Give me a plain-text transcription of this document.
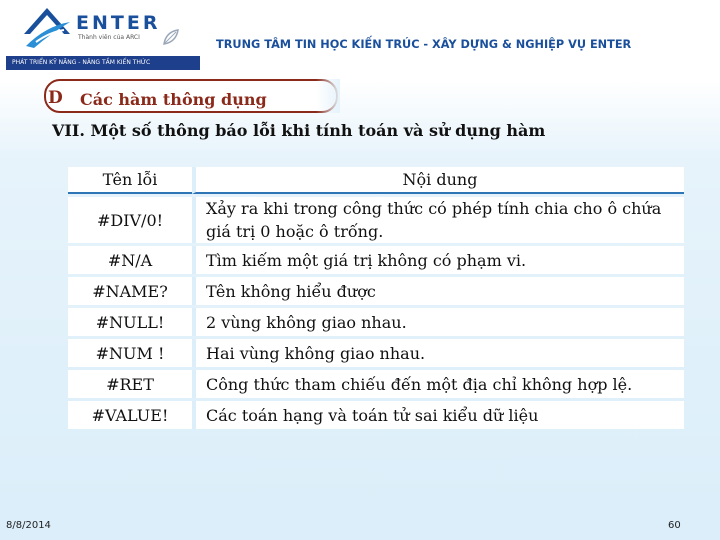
ENTER
Thành viên của ARCI
PHÁT TRIỂN KỸ NĂNG - NÂNG TẦM KIẾN THỨC
TRUNG TÂM TIN HỌC KIẾN TRÚC - XÂY DỰNG & NGHIỆP VỤ ENTER
D Các hàm thông dụng
VII. Một số thông báo lỗi khi tính toán và sử dụng hàm
Tên lỗi	Nội dung
#DIV/0!	Xảy ra khi trong công thức có phép tính chia cho ô chứa giá trị 0 hoặc ô trống.
#N/A	Tìm kiếm một giá trị không có phạm vi.
#NAME?	Tên không hiểu được
#NULL!	2 vùng không giao nhau.
#NUM !	Hai vùng không giao nhau.
#RET	Công thức tham chiếu đến một địa chỉ không hợp lệ.
#VALUE!	Các toán hạng và toán tử sai kiểu dữ liệu
8/8/2014	60
